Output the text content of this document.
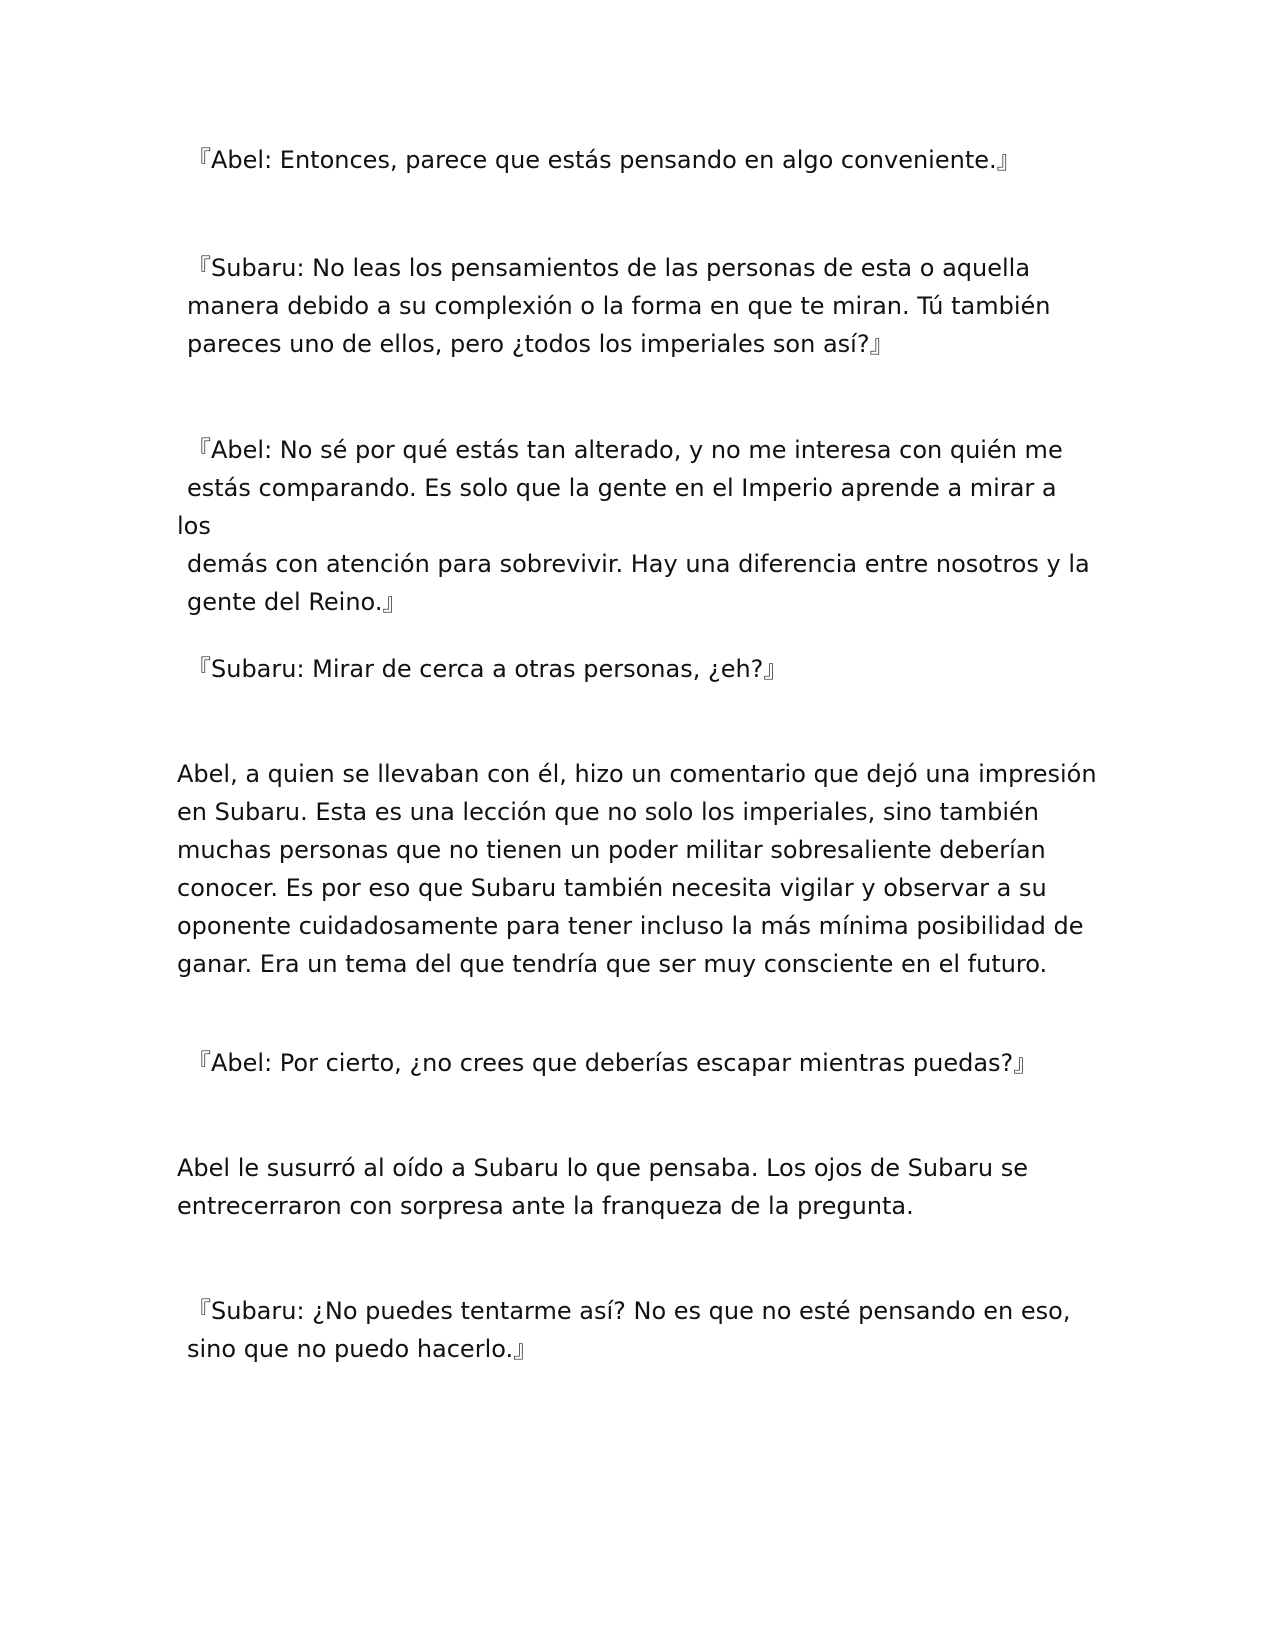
『Abel: Entonces, parece que estás pensando en algo conveniente.』

『Subaru: No leas los pensamientos de las personas de esta o aquella
manera debido a su complexión o la forma en que te miran. Tú también
pareces uno de ellos, pero ¿todos los imperiales son así?』

『Abel: No sé por qué estás tan alterado, y no me interesa con quién me
estás comparando. Es solo que la gente en el Imperio aprende a mirar a los
demás con atención para sobrevivir. Hay una diferencia entre nosotros y la
gente del Reino.』

『Subaru: Mirar de cerca a otras personas, ¿eh?』

Abel, a quien se llevaban con él, hizo un comentario que dejó una impresión
en Subaru. Esta es una lección que no solo los imperiales, sino también
muchas personas que no tienen un poder militar sobresaliente deberían
conocer. Es por eso que Subaru también necesita vigilar y observar a su
oponente cuidadosamente para tener incluso la más mínima posibilidad de
ganar. Era un tema del que tendría que ser muy consciente en el futuro.

『Abel: Por cierto, ¿no crees que deberías escapar mientras puedas?』

Abel le susurró al oído a Subaru lo que pensaba. Los ojos de Subaru se
entrecerraron con sorpresa ante la franqueza de la pregunta.

『Subaru: ¿No puedes tentarme así? No es que no esté pensando en eso,
sino que no puedo hacerlo.』
